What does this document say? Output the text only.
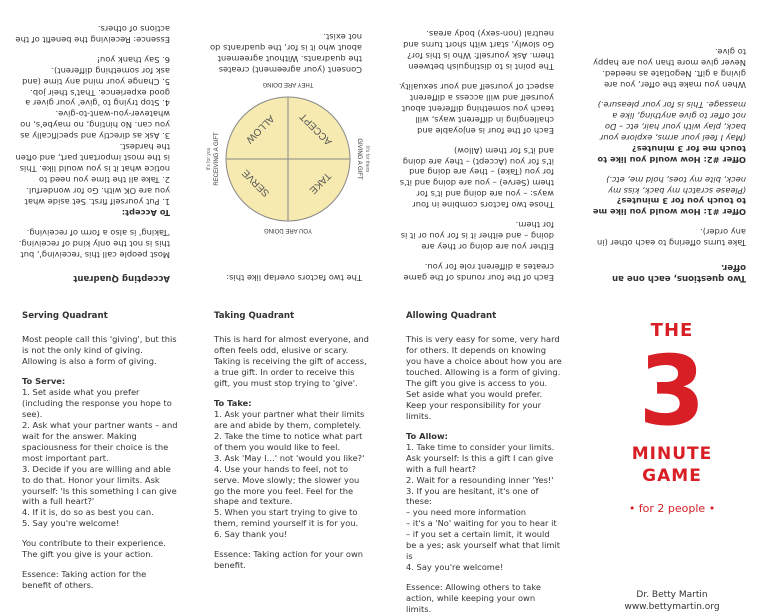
Two questions, each one an offer.
Take turns offering to each other (in any order).
Offer #1: How would you like me to touch you for 3 minutes?
(Please scratch my back, kiss my neck, bite my toes, hold me, etc.)
Offer #2: How would you like to touch me for 3 minutes?
(May I feel your arms, explore your back, play with your hair, etc – Do not offer to give anything, like a massage. This is for your pleasure.)
When you make the offer, you are giving a gift. Negotiate as needed. Never give more than you are happy to give.
Each of the four rounds of the game creates a different role for you.
Either you are doing or they are doing – and either it is for you or it is for them.
Those two factors combine in four ways: – you are doing and it's for them (Serve) – you are doing and it's for you (Take) – they are doing and it's for you (Accept) – they are doing and it's for them (Allow)
Each of the four is enjoyable and challenging in different ways, will teach you something different about yourself and will access a different aspect of yourself and your sexuality.
The point is to distinguish between them. Ask yourself: Who is this for? Go slowly, start with short turns and neutral (non-sexy) body areas.
The two factors overlap like this:
TAKE
SERVE
ACCEPT
ALLOW
YOU ARE DOING
THEY ARE DOING
GIVING A GIFT It's for them
RECEIVING A GIFT
It's for you
Consent (your agreement) creates the quadrants. Without agreement about who it is for, the quadrants do not exist.
Accepting Quadrant
Most people call this 'receiving', but this is not the only kind of receiving. 'Taking' is also a form of receiving.
To Accept:
1. Put yourself first. Set aside what you are OK with. Go for wonderful.
2. Take all the time you need to notice what it is you would like. This is the most important part, and often the hardest.
3. Ask as directly and specifically as you can. No hinting, no maybe's, no whatever-you-want-to-give.
4. Stop trying to 'give' your giver a good experience. That's their job.
5. Change your mind any time (and ask for something different).
6. Say thank you!
Essence: Receiving the benefit of the actions of others.
Serving Quadrant
Most people call this 'giving', but this is not the only kind of giving. Allowing is also a form of giving.
To Serve:
1. Set aside what you prefer (including the response you hope to see).
2. Ask what your partner wants – and wait for the answer. Making spaciousness for their choice is the most important part.
3. Decide if you are willing and able to do that. Honor your limits. Ask yourself: 'Is this something I can give with a full heart?'
4. If it is, do so as best you can.
5. Say you're welcome!
You contribute to their experience. The gift you give is your action.
Essence: Taking action for the benefit of others.
Taking Quadrant
This is hard for almost everyone, and often feels odd, elusive or scary. Taking is receiving the gift of access, a true gift. In order to receive this gift, you must stop trying to 'give'.
To Take:
1. Ask your partner what their limits are and abide by them, completely.
2. Take the time to notice what part of them you would like to feel.
3. Ask 'May I…' not 'would you like?'
4. Use your hands to feel, not to serve. Move slowly; the slower you go the more you feel. Feel for the shape and texture.
5. When you start trying to give to them, remind yourself it is for you.
6. Say thank you!
Essence: Taking action for your own benefit.
Allowing Quadrant
This is very easy for some, very hard for others. It depends on knowing you have a choice about how you are touched. Allowing is a form of giving. The gift you give is access to you. Set aside what you would prefer. Keep your responsibility for your limits.
To Allow:
1. Take time to consider your limits. Ask yourself: Is this a gift I can give with a full heart?
2. Wait for a resounding inner 'Yes!'
3. If you are hesitant, it's one of these:
– you need more information
– it's a 'No' waiting for you to hear it
– if you set a certain limit, it would be a yes; ask yourself what that limit is
4. Say you're welcome!
Essence: Allowing others to take action, while keeping your own limits.
THE
3
MINUTE
GAME
• for 2 people •
Dr. Betty Martin
www.bettymartin.org
